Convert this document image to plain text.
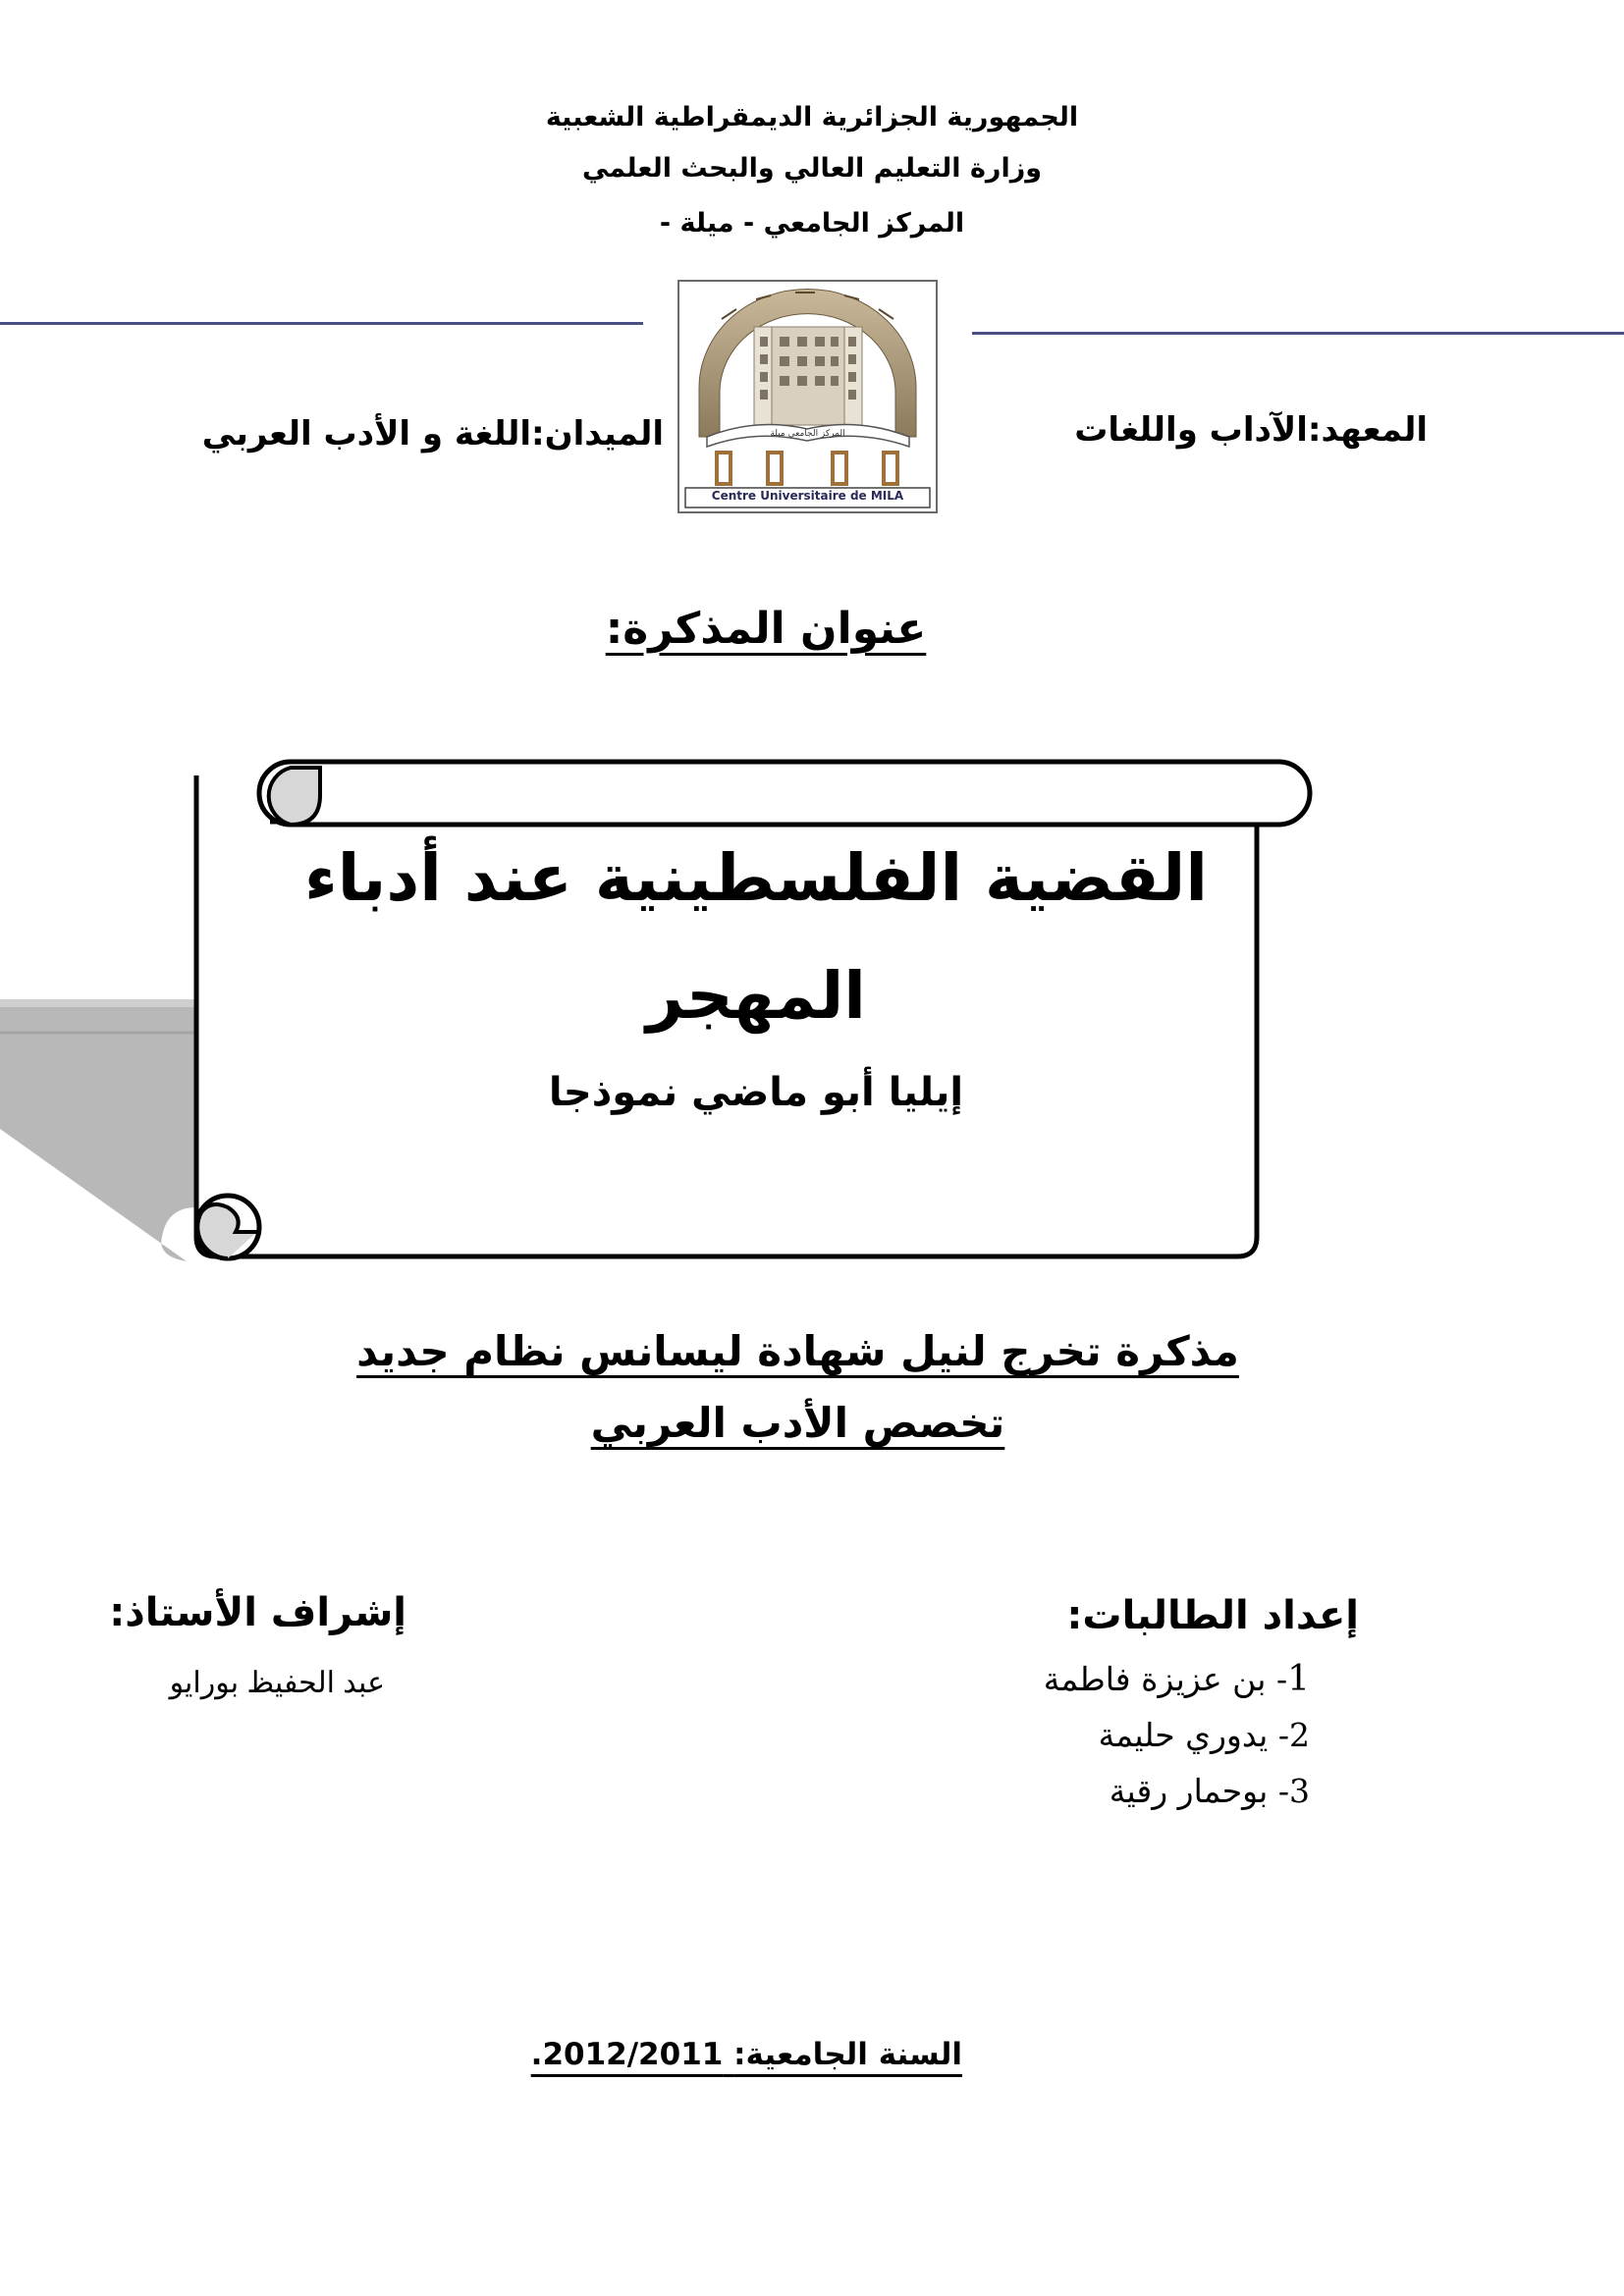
الجمهورية الجزائرية الديمقراطية الشعبية
وزارة التعليم العالي والبحث العلمي
المركز الجامعي - ميلة -
المركز الجامعي ميلة
Centre Universitaire de MILA
المعهد:الآداب واللغات
الميدان:اللغة و الأدب العربي
عنوان المذكرة:
القضية الفلسطينية عند أدباء
المهجر
إيليا أبو ماضي نموذجا
مذكرة تخرج لنيل شهادة ليسانس نظام جديد
تخصص الأدب العربي
إعداد الطالبات:
1- بن عزيزة فاطمة
2- يدوري حليمة
3- بوحمار رقية
إشراف الأستاذ:
عبد الحفيظ بورايو
السنة الجامعية: 2012/2011.
